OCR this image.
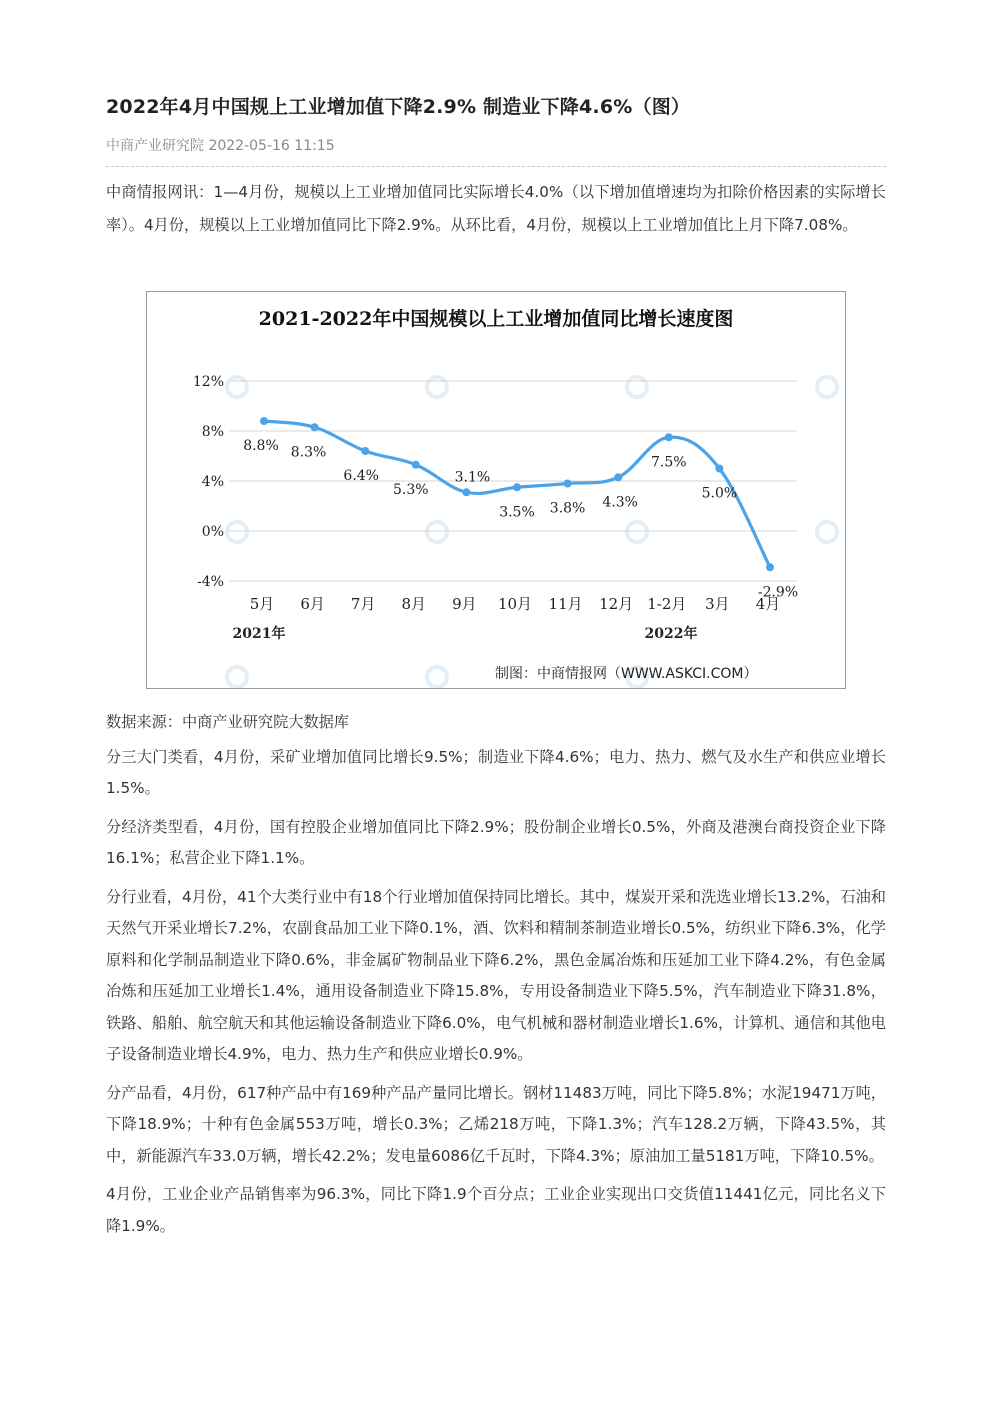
2022年4月中国规上工业增加值下降2.9% 制造业下降4.6%（图）
中商产业研究院 2022-05-16 11:15
中商情报网讯：1—4月份，规模以上工业增加值同比实际增长4.0%（以下增加值增速均为扣除价格因素的实际增长率）。4月份，规模以上工业增加值同比下降2.9%。从环比看，4月份，规模以上工业增加值比上月下降7.08%。
2021-2022年中国规模以上工业增加值同比增长速度图
12%
8%
4%
0%
-4%
8.8% 8.3%
6.4%
5.3%
3.1%
3.5% 3.8% 4.3%
7.5%
5.0%
-2.9%
5月 6月 7月 8月 9月 10月 11月 12月 1-2月 3月 4月
2021年	2022年
制图：中商情报网（WWW.ASKCI.COM）

数据来源：中商产业研究院大数据库

分三大门类看，4月份，采矿业增加值同比增长9.5%；制造业下降4.6%；电力、热力、燃气及水生产和供应业增长1.5%。

分经济类型看，4月份，国有控股企业增加值同比下降2.9%；股份制企业增长0.5%，外商及港澳台商投资企业下降16.1%；私营企业下降1.1%。

分行业看，4月份，41个大类行业中有18个行业增加值保持同比增长。其中，煤炭开采和洗选业增长13.2%，石油和天然气开采业增长7.2%，农副食品加工业下降0.1%，酒、饮料和精制茶制造业增长0.5%，纺织业下降6.3%，化学原料和化学制品制造业下降0.6%，非金属矿物制品业下降6.2%，黑色金属冶炼和压延加工业下降4.2%，有色金属冶炼和压延加工业增长1.4%，通用设备制造业下降15.8%，专用设备制造业下降5.5%，汽车制造业下降31.8%，铁路、船舶、航空航天和其他运输设备制造业下降6.0%，电气机械和器材制造业增长1.6%，计算机、通信和其他电子设备制造业增长4.9%，电力、热力生产和供应业增长0.9%。

分产品看，4月份，617种产品中有169种产品产量同比增长。钢材11483万吨，同比下降5.8%；水泥19471万吨，下降18.9%；十种有色金属553万吨，增长0.3%；乙烯218万吨，下降1.3%；汽车128.2万辆，下降43.5%，其中，新能源汽车33.0万辆，增长42.2%；发电量6086亿千瓦时，下降4.3%；原油加工量5181万吨，下降10.5%。

4月份，工业企业产品销售率为96.3%，同比下降1.9个百分点；工业企业实现出口交货值11441亿元，同比名义下降1.9%。
